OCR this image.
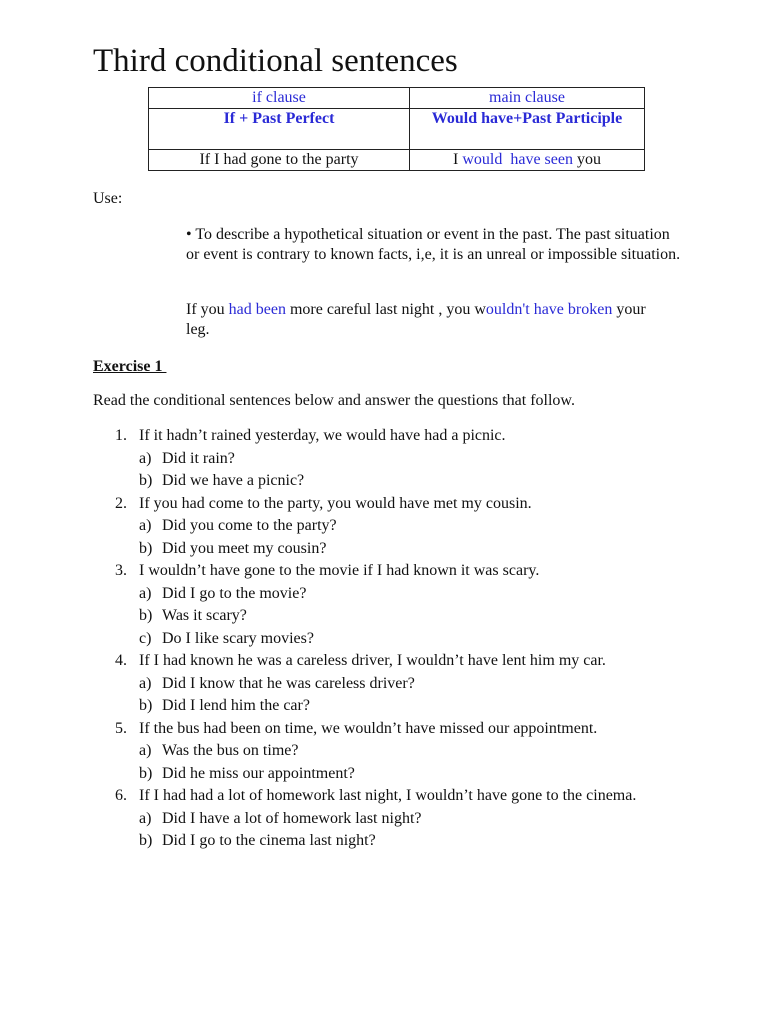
Third conditional sentences
if clause	main clause
If + Past Perfect	Would have+Past Participle
If I had gone to the party	I would  have seen you
Use:

• To describe a hypothetical situation or event in the past. The past situation or event is contrary to known facts, i,e, it is an unreal or impossible situation.

If you had been more careful last night , you wouldn't have broken your leg.

Exercise 1
Read the conditional sentences below and answer the questions that follow.
1. If it hadn’t rained yesterday, we would have had a picnic.
a) Did it rain?
b) Did we have a picnic?
2. If you had come to the party, you would have met my cousin.
a) Did you come to the party?
b) Did you meet my cousin?
3. I wouldn’t have gone to the movie if I had known it was scary.
a) Did I go to the movie?
b) Was it scary?
c) Do I like scary movies?
4. If I had known he was a careless driver, I wouldn’t have lent him my car.
a) Did I know that he was careless driver?
b) Did I lend him the car?
5. If the bus had been on time, we wouldn’t have missed our appointment.
a) Was the bus on time?
b) Did he miss our appointment?
6. If I had had a lot of homework last night, I wouldn’t have gone to the cinema.
a) Did I have a lot of homework last night?
b) Did I go to the cinema last night?
